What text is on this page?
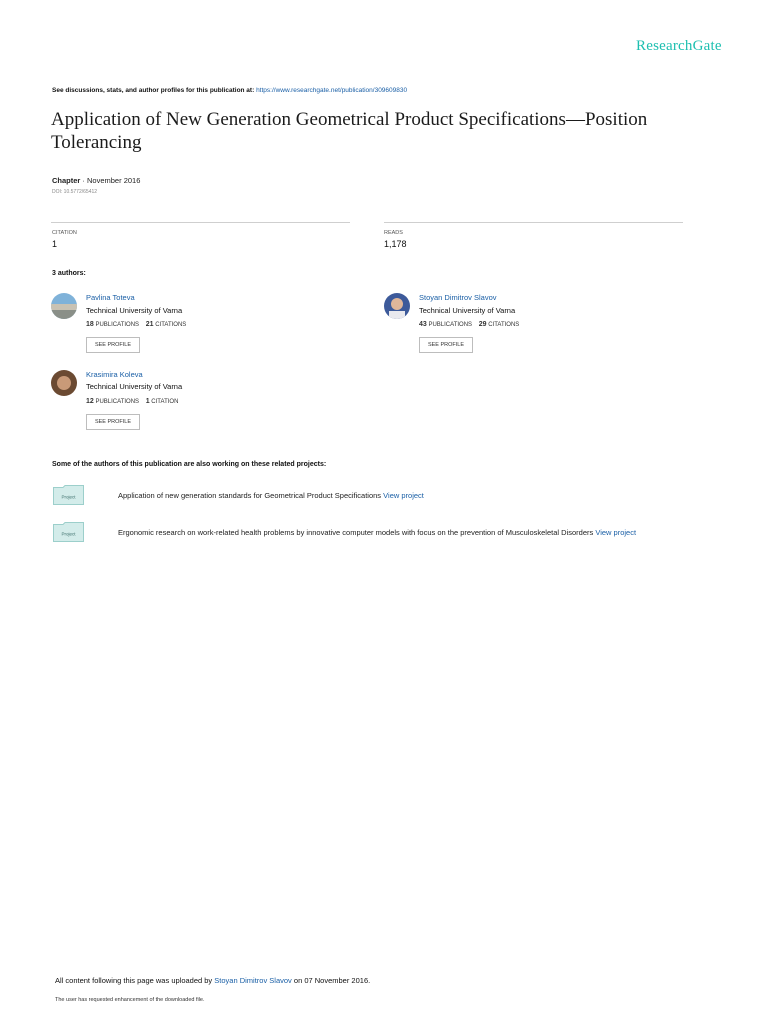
ResearchGate
See discussions, stats, and author profiles for this publication at: https://www.researchgate.net/publication/309609830
Application of New Generation Geometrical Product Specifications—Position Tolerancing
Chapter · November 2016
DOI: 10.5772/65412
CITATION
1
READS
1,178
3 authors:
Pavlina Toteva
Technical University of Varna
18 PUBLICATIONS 21 CITATIONS
SEE PROFILE
Stoyan Dimitrov Slavov
Technical University of Varna
43 PUBLICATIONS 29 CITATIONS
SEE PROFILE
Krasimira Koleva
Technical University of Varna
12 PUBLICATIONS 1 CITATION
SEE PROFILE
Some of the authors of this publication are also working on these related projects:
Project	Application of new generation standards for Geometrical Product Specifications View project
Project	Ergonomic research on work-related health problems by innovative computer models with focus on the prevention of Musculoskeletal Disorders View project
All content following this page was uploaded by Stoyan Dimitrov Slavov on 07 November 2016.
The user has requested enhancement of the downloaded file.
